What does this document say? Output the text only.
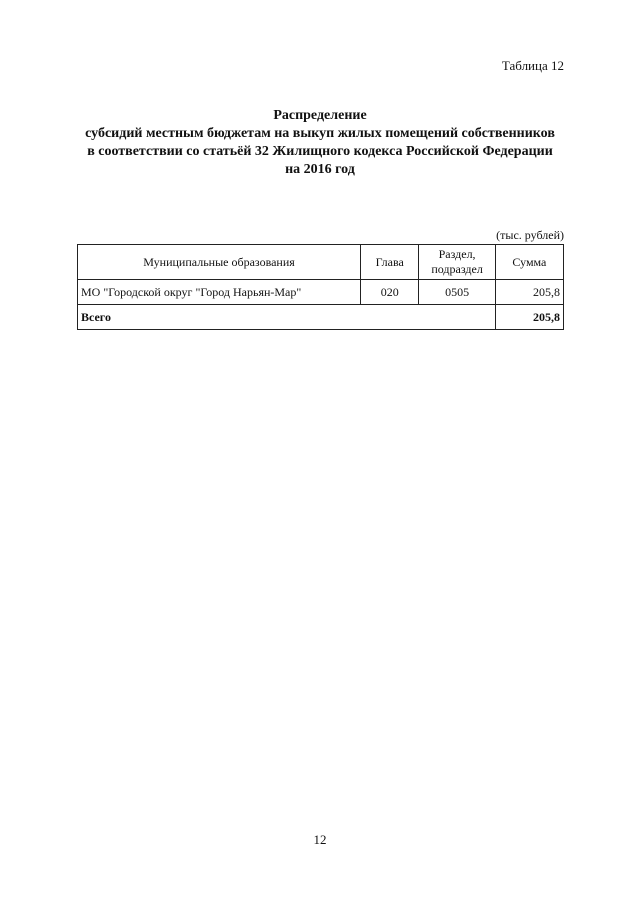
Таблица 12
Распределение
субсидий местным бюджетам на выкуп жилых помещений собственников
в соответствии со статьёй 32 Жилищного кодекса Российской Федерации
на 2016 год
(тыс. рублей)
Муниципальные образования	Глава	Раздел, подраздел	Сумма
МО "Городской округ "Город Нарьян-Мар"	020	0505	205,8
Всего			205,8
12
